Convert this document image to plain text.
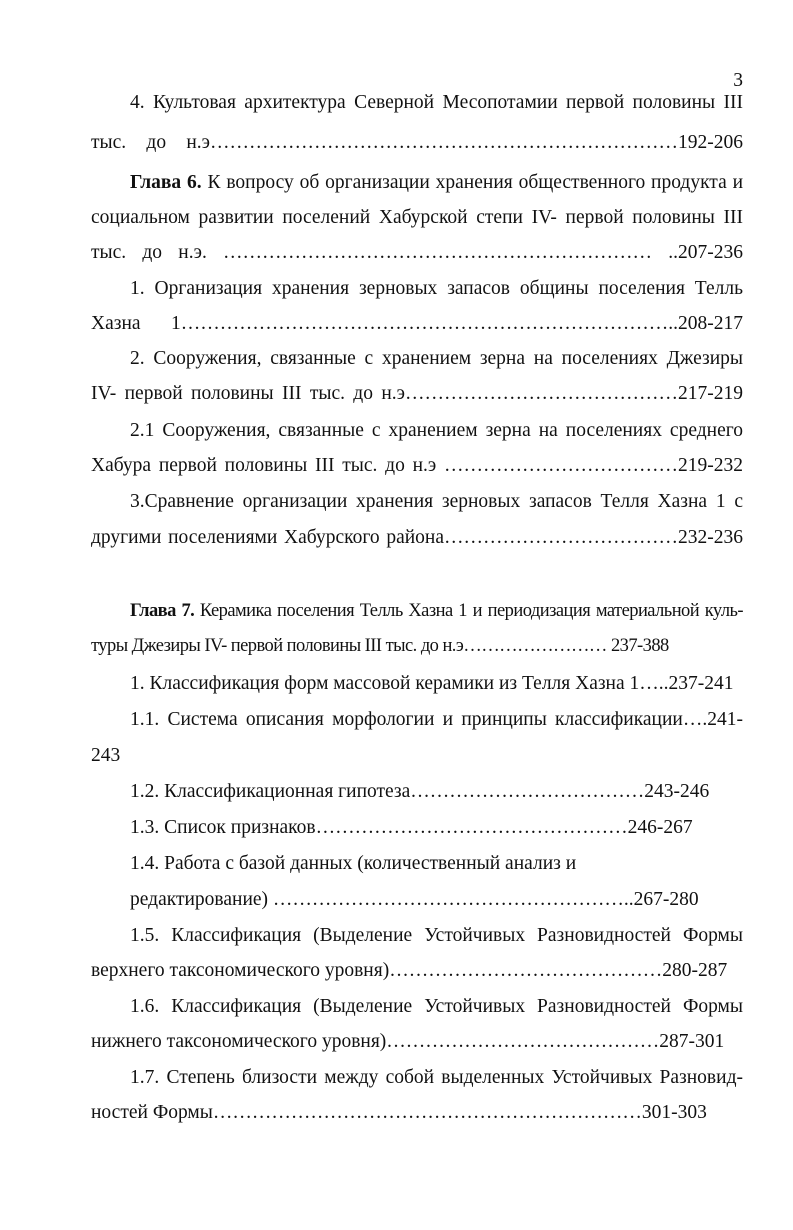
3
4. Культовая архитектура Северной Месопотамии первой половины III
тыс. до н.э………………………………………………………………192-206
Глава 6. К вопросу об организации хранения общественного продукта и
социальном развитии поселений Хабурской степи IV- первой половины III
тыс. до н.э. ………………………………………………………… ..207-236
1. Организация хранения зерновых запасов общины поселения Телль
Хазна 1…………………………………………………………………..208-217
2. Сооружения, связанные с хранением зерна на поселениях Джезиры
IV- первой половины III тыс. до н.э……………………………………217-219
2.1 Сооружения, связанные с хранением зерна на поселениях среднего
Хабура первой половины III тыс. до н.э ………………………………219-232
3.Сравнение организации хранения зерновых запасов Телля Хазна 1 с
другими поселениями Хабурского района………………………………232-236
Глава 7. Керамика поселения Телль Хазна 1 и периодизация материальной куль-
туры Джезиры IV- первой половины III тыс. до н.э…………………… 237-388
1. Классификация форм массовой керамики из Телля Хазна 1…..237-241
1.1. Система описания морфологии и принципы классификации….241-
243
1.2. Классификационная гипотеза………………………………243-246
1.3. Список признаков…………………………………………246-267
1.4. Работа с базой данных (количественный анализ и
редактирование) ………………………………………………..267-280
1.5. Классификация (Выделение Устойчивых Разновидностей Формы
верхнего таксономического уровня)……………………………………280-287
1.6. Классификация (Выделение Устойчивых Разновидностей Формы
нижнего таксономического уровня)……………………………………287-301
1.7. Степень близости между собой выделенных Устойчивых Разновид-
ностей Формы…………………………………………………………301-303
